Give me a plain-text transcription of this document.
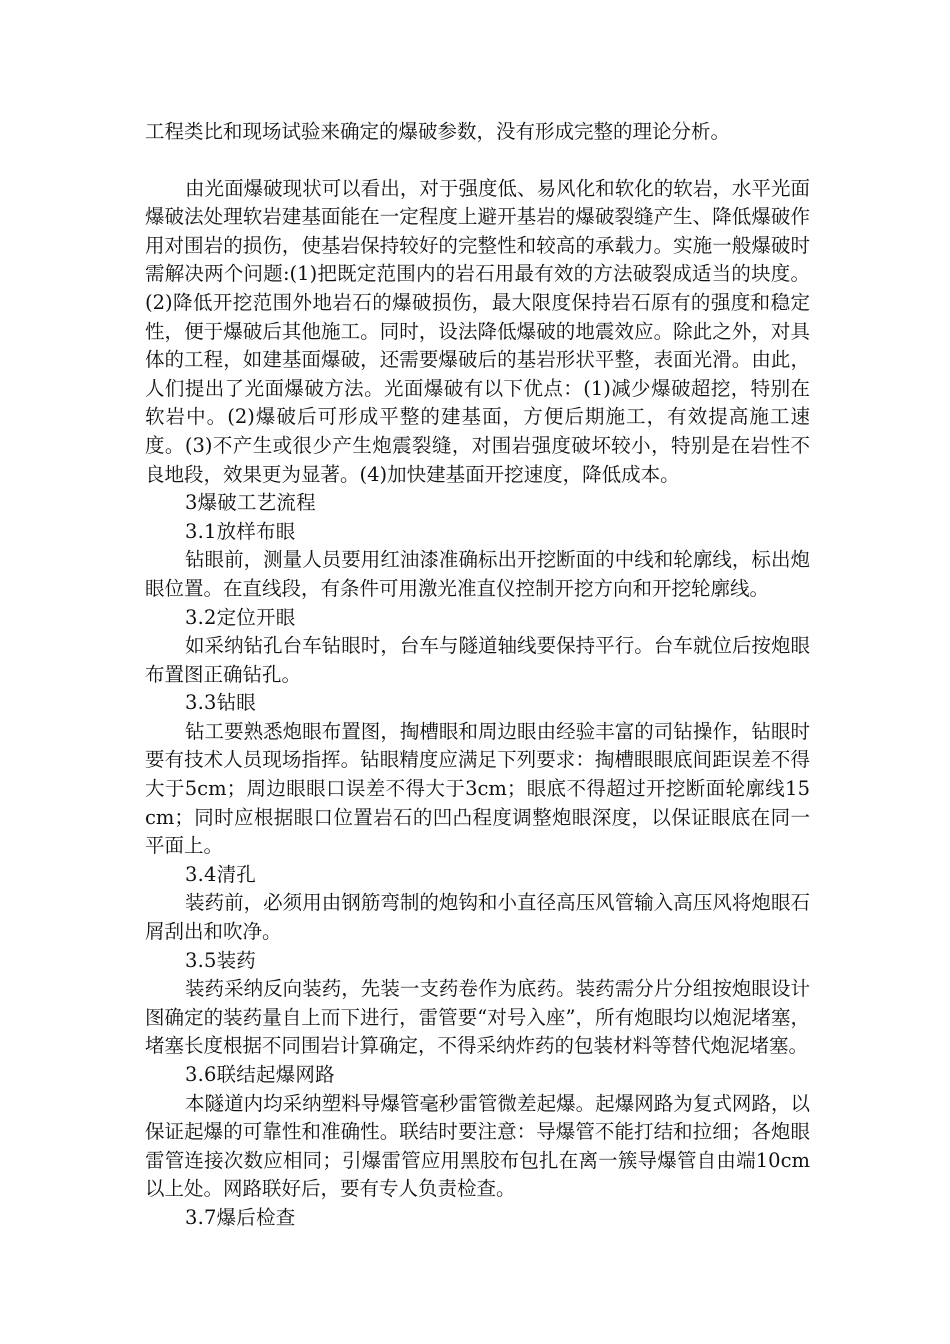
工程类比和现场试验来确定的爆破参数，没有形成完整的理论分析。

由光面爆破现状可以看出，对于强度低、易风化和软化的软岩，水平光面爆破法处理软岩建基面能在一定程度上避开基岩的爆破裂缝产生、降低爆破作用对围岩的损伤，使基岩保持较好的完整性和较高的承载力。实施一般爆破时需解决两个问题:(1)把既定范围内的岩石用最有效的方法破裂成适当的块度。(2)降低开挖范围外地岩石的爆破损伤，最大限度保持岩石原有的强度和稳定性，便于爆破后其他施工。同时，设法降低爆破的地震效应。除此之外，对具体的工程，如建基面爆破，还需要爆破后的基岩形状平整，表面光滑。由此，人们提出了光面爆破方法。光面爆破有以下优点：(1)减少爆破超挖，特别在软岩中。(2)爆破后可形成平整的建基面，方便后期施工，有效提高施工速度。(3)不产生或很少产生炮震裂缝，对围岩强度破坏较小，特别是在岩性不良地段，效果更为显著。(4)加快建基面开挖速度，降低成本。

3爆破工艺流程

3.1放样布眼

钻眼前，测量人员要用红油漆准确标出开挖断面的中线和轮廓线，标出炮眼位置。在直线段，有条件可用激光准直仪控制开挖方向和开挖轮廓线。

3.2定位开眼

如采纳钻孔台车钻眼时，台车与隧道轴线要保持平行。台车就位后按炮眼布置图正确钻孔。

3.3钻眼

钻工要熟悉炮眼布置图，掏槽眼和周边眼由经验丰富的司钻操作，钻眼时要有技术人员现场指挥。钻眼精度应满足下列要求：掏槽眼眼底间距误差不得大于5cm；周边眼眼口误差不得大于3cm；眼底不得超过开挖断面轮廓线15cm；同时应根据眼口位置岩石的凹凸程度调整炮眼深度，以保证眼底在同一平面上。

3.4清孔

装药前，必须用由钢筋弯制的炮钩和小直径高压风管输入高压风将炮眼石屑刮出和吹净。

3.5装药

装药采纳反向装药，先装一支药卷作为底药。装药需分片分组按炮眼设计图确定的装药量自上而下进行，雷管要“对号入座”，所有炮眼均以炮泥堵塞，堵塞长度根据不同围岩计算确定，不得采纳炸药的包装材料等替代炮泥堵塞。

3.6联结起爆网路

本隧道内均采纳塑料导爆管毫秒雷管微差起爆。起爆网路为复式网路，以保证起爆的可靠性和准确性。联结时要注意：导爆管不能打结和拉细；各炮眼雷管连接次数应相同；引爆雷管应用黑胶布包扎在离一簇导爆管自由端10cm以上处。网路联好后，要有专人负责检查。

3.7爆后检查
